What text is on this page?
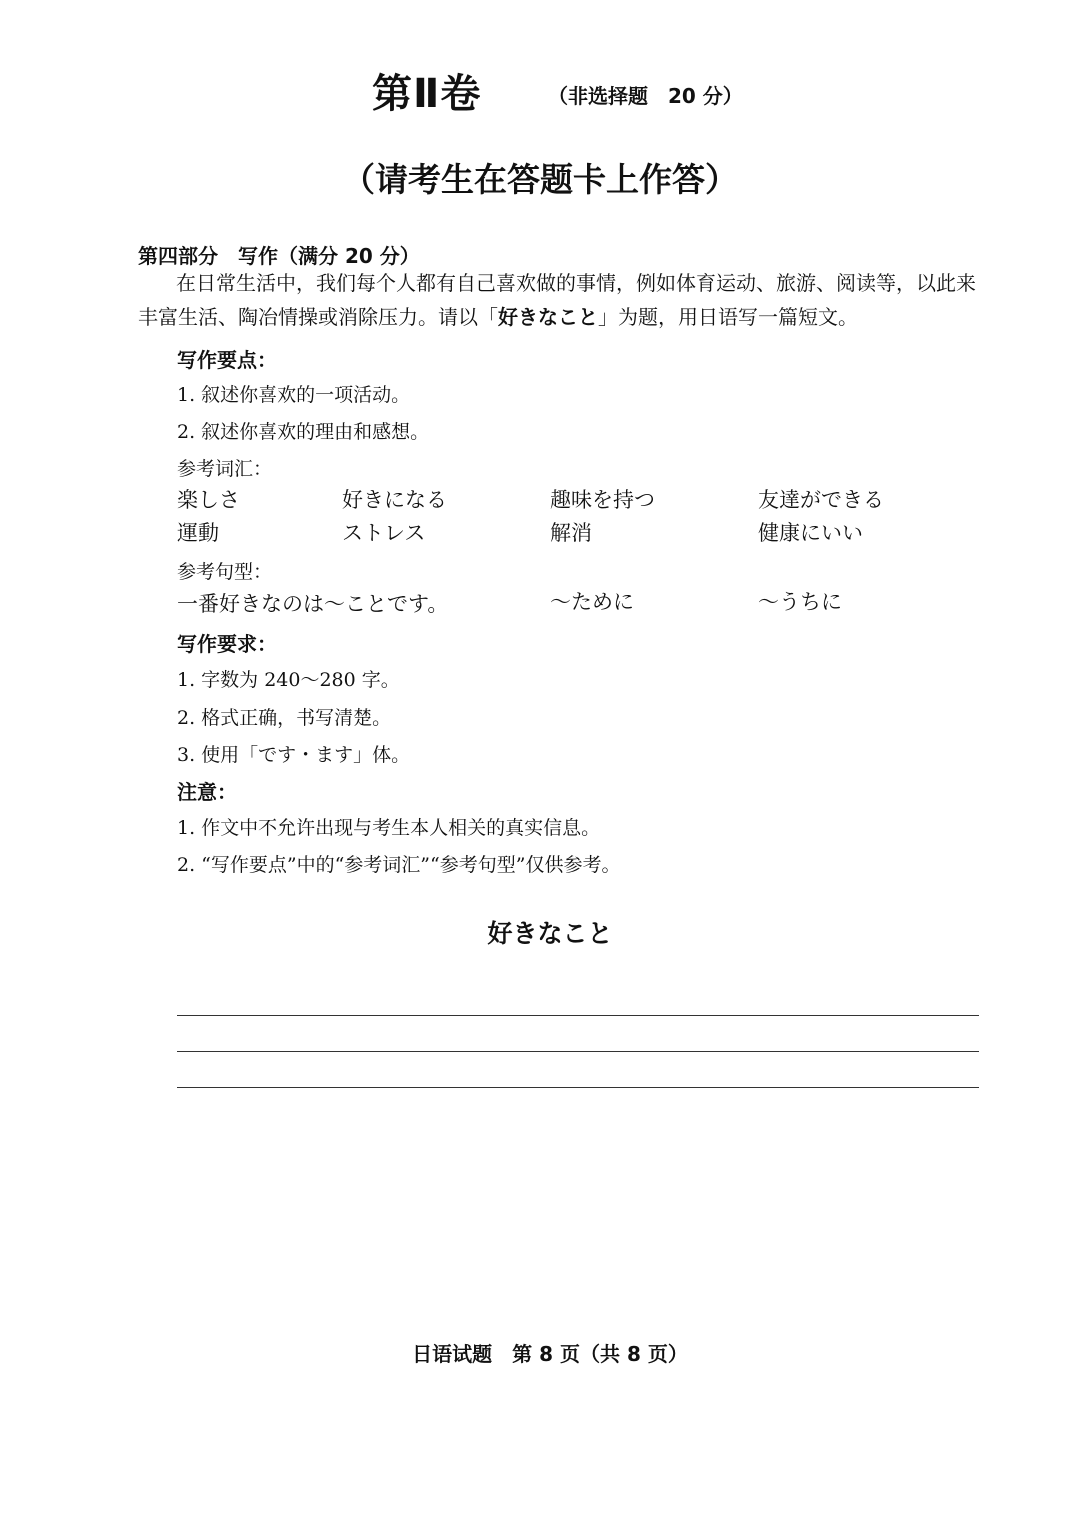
第Ⅱ卷	（非选择题　20 分）
（请考生在答题卡上作答）
第四部分　写作（满分 20 分）
在日常生活中，我们每个人都有自己喜欢做的事情，例如体育运动、旅游、阅读等，以此来丰富生活、陶冶情操或消除压力。请以「好きなこと」为题，用日语写一篇短文。
写作要点：
1. 叙述你喜欢的一项活动。
2. 叙述你喜欢的理由和感想。
参考词汇：
楽しさ	好きになる	趣味を持つ	友達ができる
運動	ストレス	解消	健康にいい
参考句型：
一番好きなのは〜ことです。	〜ために	〜うちに
写作要求：
1. 字数为 240〜280 字。
2. 格式正确，书写清楚。
3. 使用「です・ます」体。
注意：
1. 作文中不允许出现与考生本人相关的真实信息。
2. “写作要点”中的“参考词汇”“参考句型”仅供参考。
好きなこと
日语试题　第 8 页（共 8 页）
